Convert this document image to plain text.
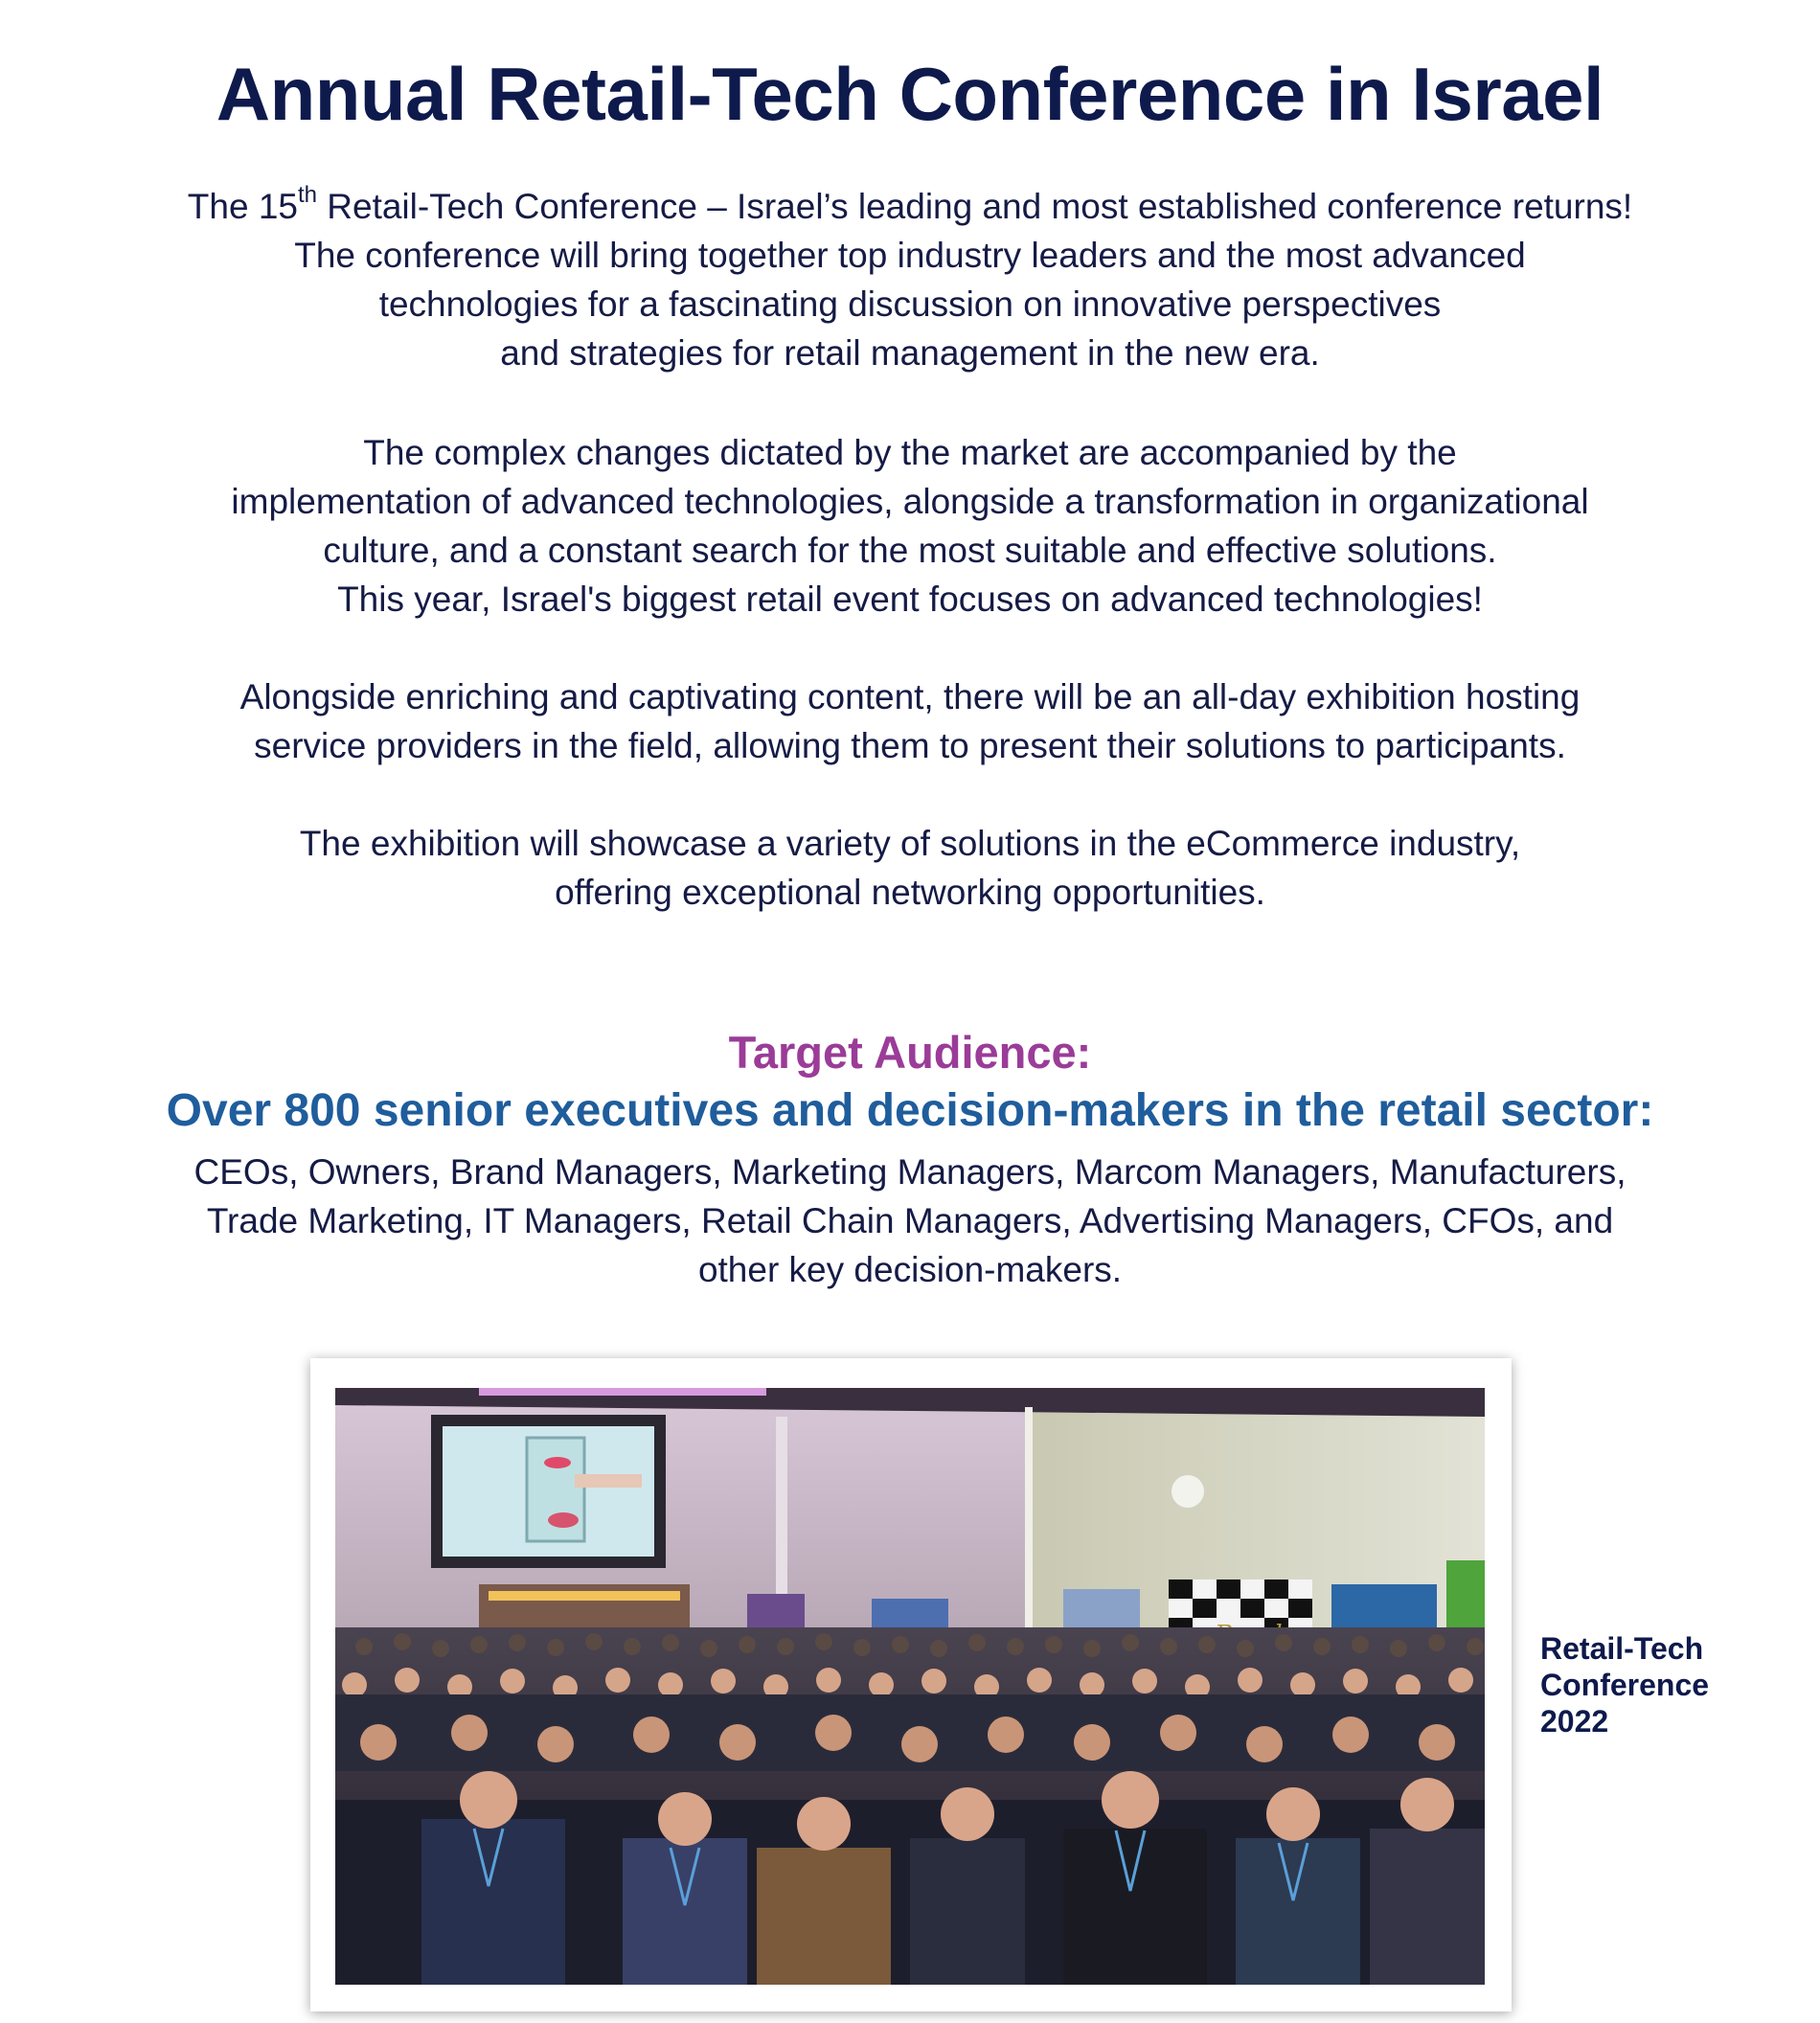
Annual Retail-Tech Conference in Israel
The 15th Retail-Tech Conference – Israel’s leading and most established conference returns!
The conference will bring together top industry leaders and the most advanced
technologies for a fascinating discussion on innovative perspectives
and strategies for retail management in the new era.
The complex changes dictated by the market are accompanied by the
implementation of advanced technologies, alongside a transformation in organizational
culture, and a constant search for the most suitable and effective solutions.
This year, Israel's biggest retail event focuses on advanced technologies!
Alongside enriching and captivating content, there will be an all-day exhibition hosting
service providers in the field, allowing them to present their solutions to participants.
The exhibition will showcase a variety of solutions in the eCommerce industry,
offering exceptional networking opportunities.
Target Audience:
Over 800 senior executives and decision-makers in the retail sector:
CEOs, Owners, Brand Managers, Marketing Managers, Marcom Managers, Manufacturers,
Trade Marketing, IT Managers, Retail Chain Managers, Advertising Managers, CFOs, and
other key decision-makers.
Retail-Tech
Conference
2022
